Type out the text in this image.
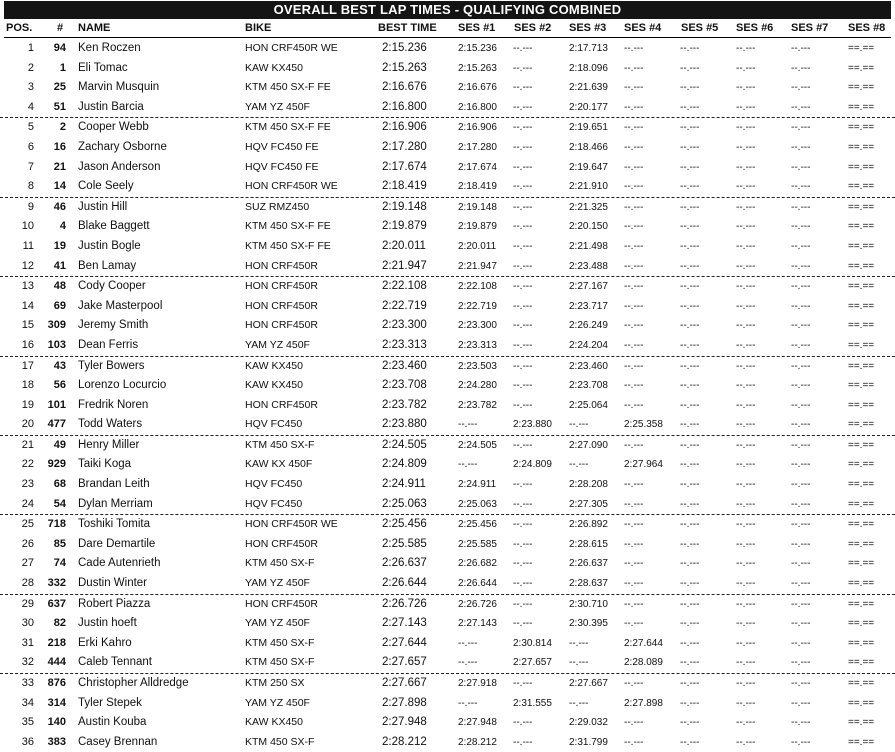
OVERALL BEST LAP TIMES - QUALIFYING COMBINED
POS. # NAME	BIKE	BEST TIME SES #1 SES #2 SES #3 SES #4 SES #5 SES #6 SES #7 SES #8
1	94 Ken Roczen	HON CRF450R WE	2:15.236	2:15.236	--.---	2:17.713	--.---	--.---	--.---	--.---	==.==
2	1 Eli Tomac	KAW KX450	2:15.263	2:15.263	--.---	2:18.096	--.---	--.---	--.---	--.---	==.==
3	25 Marvin Musquin	KTM 450 SX-F FE	2:16.676	2:16.676	--.---	2:21.639	--.---	--.---	--.---	--.---	==.==
4	51 Justin Barcia	YAM YZ 450F	2:16.800	2:16.800	--.---	2:20.177	--.---	--.---	--.---	--.---	==.==
5	2 Cooper Webb	KTM 450 SX-F FE	2:16.906	2:16.906	--.---	2:19.651	--.---	--.---	--.---	--.---	==.==
6	16 Zachary Osborne	HQV FC450 FE	2:17.280	2:17.280	--.---	2:18.466	--.---	--.---	--.---	--.---	==.==
7	21 Jason Anderson	HQV FC450 FE	2:17.674	2:17.674	--.---	2:19.647	--.---	--.---	--.---	--.---	==.==
8	14 Cole Seely	HON CRF450R WE	2:18.419	2:18.419	--.---	2:21.910	--.---	--.---	--.---	--.---	==.==
9	46 Justin Hill	SUZ RMZ450	2:19.148	2:19.148	--.---	2:21.325	--.---	--.---	--.---	--.---	==.==
10	4 Blake Baggett	KTM 450 SX-F FE	2:19.879	2:19.879	--.---	2:20.150	--.---	--.---	--.---	--.---	==.==
11	19 Justin Bogle	KTM 450 SX-F FE	2:20.011	2:20.011	--.---	2:21.498	--.---	--.---	--.---	--.---	==.==
12	41 Ben Lamay	HON CRF450R	2:21.947	2:21.947	--.---	2:23.488	--.---	--.---	--.---	--.---	==.==
13	48 Cody Cooper	HON CRF450R	2:22.108	2:22.108	--.---	2:27.167	--.---	--.---	--.---	--.---	==.==
14	69 Jake Masterpool	HON CRF450R	2:22.719	2:22.719	--.---	2:23.717	--.---	--.---	--.---	--.---	==.==
15	309 Jeremy Smith	HON CRF450R	2:23.300	2:23.300	--.---	2:26.249	--.---	--.---	--.---	--.---	==.==
16	103 Dean Ferris	YAM YZ 450F	2:23.313	2:23.313	--.---	2:24.204	--.---	--.---	--.---	--.---	==.==
17	43 Tyler Bowers	KAW KX450	2:23.460	2:23.503	--.---	2:23.460	--.---	--.---	--.---	--.---	==.==
18	56 Lorenzo Locurcio	KAW KX450	2:23.708	2:24.280	--.---	2:23.708	--.---	--.---	--.---	--.---	==.==
19	101 Fredrik Noren	HON CRF450R	2:23.782	2:23.782	--.---	2:25.064	--.---	--.---	--.---	--.---	==.==
20	477 Todd Waters	HQV FC450	2:23.880	--.---	2:23.880	--.---	2:25.358	--.---	--.---	--.---	==.==
21	49 Henry Miller	KTM 450 SX-F	2:24.505	2:24.505	--.---	2:27.090	--.---	--.---	--.---	--.---	==.==
22	929 Taiki Koga	KAW KX 450F	2:24.809	--.---	2:24.809	--.---	2:27.964	--.---	--.---	--.---	==.==
23	68 Brandan Leith	HQV FC450	2:24.911	2:24.911	--.---	2:28.208	--.---	--.---	--.---	--.---	==.==
24	54 Dylan Merriam	HQV FC450	2:25.063	2:25.063	--.---	2:27.305	--.---	--.---	--.---	--.---	==.==
25	718 Toshiki Tomita	HON CRF450R WE	2:25.456	2:25.456	--.---	2:26.892	--.---	--.---	--.---	--.---	==.==
26	85 Dare Demartile	HON CRF450R	2:25.585	2:25.585	--.---	2:28.615	--.---	--.---	--.---	--.---	==.==
27	74 Cade Autenrieth	KTM 450 SX-F	2:26.637	2:26.682	--.---	2:26.637	--.---	--.---	--.---	--.---	==.==
28	332 Dustin Winter	YAM YZ 450F	2:26.644	2:26.644	--.---	2:28.637	--.---	--.---	--.---	--.---	==.==
29	637 Robert Piazza	HON CRF450R	2:26.726	2:26.726	--.---	2:30.710	--.---	--.---	--.---	--.---	==.==
30	82 Justin hoeft	YAM YZ 450F	2:27.143	2:27.143	--.---	2:30.395	--.---	--.---	--.---	--.---	==.==
31	218 Erki Kahro	KTM 450 SX-F	2:27.644	--.---	2:30.814	--.---	2:27.644	--.---	--.---	--.---	==.==
32	444 Caleb Tennant	KTM 450 SX-F	2:27.657	--.---	2:27.657	--.---	2:28.089	--.---	--.---	--.---	==.==
33	876 Christopher Alldredge	KTM 250 SX	2:27.667	2:27.918	--.---	2:27.667	--.---	--.---	--.---	--.---	==.==
34	314 Tyler Stepek	YAM YZ 450F	2:27.898	--.---	2:31.555	--.---	2:27.898	--.---	--.---	--.---	==.==
35	140 Austin Kouba	KAW KX450	2:27.948	2:27.948	--.---	2:29.032	--.---	--.---	--.---	--.---	==.==
36	383 Casey Brennan	KTM 450 SX-F	2:28.212	2:28.212	--.---	2:31.799	--.---	--.---	--.---	--.---	==.==
